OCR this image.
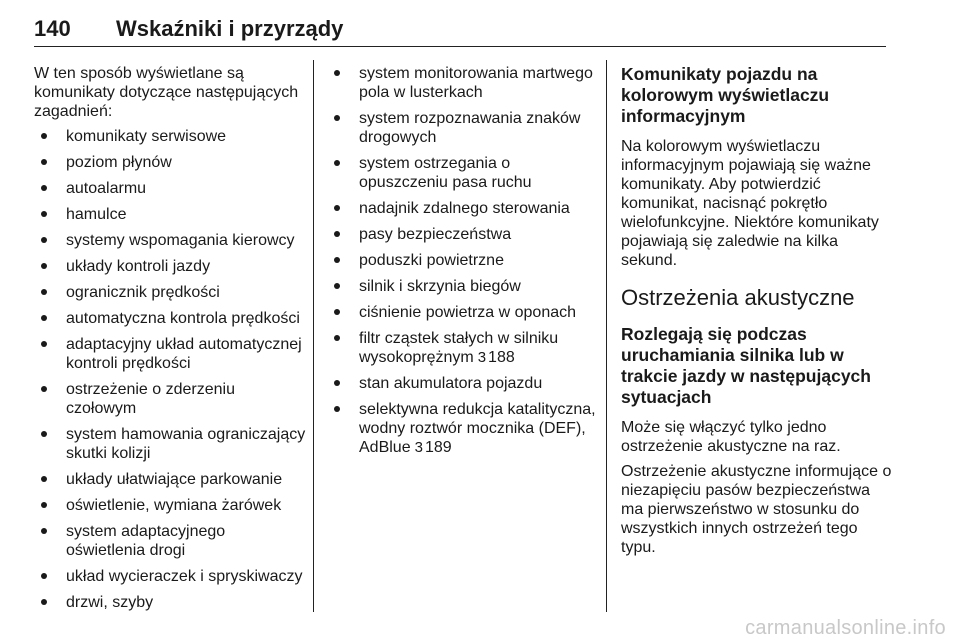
140 Wskaźniki i przyrządy

W ten sposób wyświetlane są komunikaty dotyczące następujących zagadnień:

komunikaty serwisowe
poziom płynów
autoalarmu
hamulce
systemy wspomagania kierowcy
układy kontroli jazdy
ogranicznik prędkości
automatyczna kontrola prędkości
adaptacyjny układ automatycznej kontroli prędkości
ostrzeżenie o zderzeniu czołowym
system hamowania ograniczający skutki kolizji
układy ułatwiające parkowanie
oświetlenie, wymiana żarówek
system adaptacyjnego oświetlenia drogi
układ wycieraczek i spryskiwaczy
drzwi, szyby
system monitorowania martwego pola w lusterkach
system rozpoznawania znaków drogowych
system ostrzegania o opuszczeniu pasa ruchu
nadajnik zdalnego sterowania
pasy bezpieczeństwa
poduszki powietrzne
silnik i skrzynia biegów
ciśnienie powietrza w oponach
filtr cząstek stałych w silniku wysokoprężnym 3 188
stan akumulatora pojazdu
selektywna redukcja katalityczna, wodny roztwór mocznika (DEF), AdBlue 3 189
Komunikaty pojazdu na kolorowym wyświetlaczu informacyjnym

Na kolorowym wyświetlaczu informacyjnym pojawiają się ważne komunikaty. Aby potwierdzić komunikat, nacisnąć pokrętło wielofunkcyjne. Niektóre komunikaty pojawiają się zaledwie na kilka sekund.

Ostrzeżenia akustyczne
Rozlegają się podczas uruchamiania silnika lub w trakcie jazdy w następujących sytuacjach

Może się włączyć tylko jedno ostrzeżenie akustyczne na raz.

Ostrzeżenie akustyczne informujące o niezapięciu pasów bezpieczeństwa ma pierwszeństwo w stosunku do wszystkich innych ostrzeżeń tego typu.

carmanualsonline.info
